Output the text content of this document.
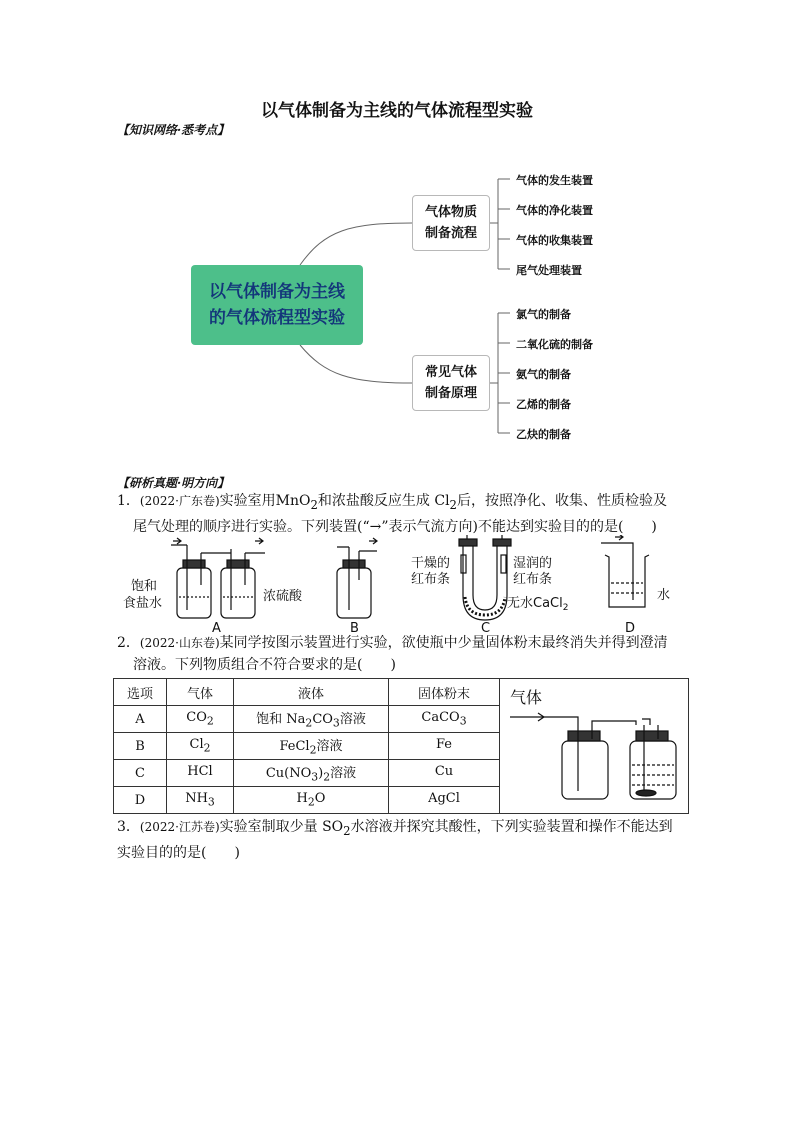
以气体制备为主线的气体流程型实验
【知识网络·悉考点】
以气体制备为主线
的气体流程型实验
气体物质
制备流程
常见气体
制备原理
气体的发生装置
气体的净化装置
气体的收集装置
尾气处理装置
氯气的制备
二氧化硫的制备
氨气的制备
乙烯的制备
乙炔的制备
【研析真题·明方向】
1．(2022·广东卷)实验室用MnO$_2$和浓盐酸反应生成 $Cl_2$后，按照净化、收集、性质检验及
尾气处理的顺序进行实验。下列装置(“→”表示气流方向)不能达到实验目的的是(　　)
饱和
食盐水	浓硫酸
A	B
干燥的
红布条
湿润的
红布条
无水CaCl$_2$
C
水
D
2．(2022·山东卷)某同学按图示装置进行实验，欲使瓶中少量固体粉末最终消失并得到澄清
溶液。下列物质组合不符合要求的是(　　)
选项	气体	液体	固体粉末	气体

A	$CO_2$	饱和 $Na_2CO_3$溶液	CaCO$_3$
B	$Cl_2$	FeCl$_2$溶液	Fe	
C	HCl	$Cu(NO_3)_2$溶液	Cu	
D	$NH_3$	$H_2O$	AgCl	
3．(2022·江苏卷)实验室制取少量 $SO_2$水溶液并探究其酸性，下列实验装置和操作不能达到
实验目的的是(　　)
